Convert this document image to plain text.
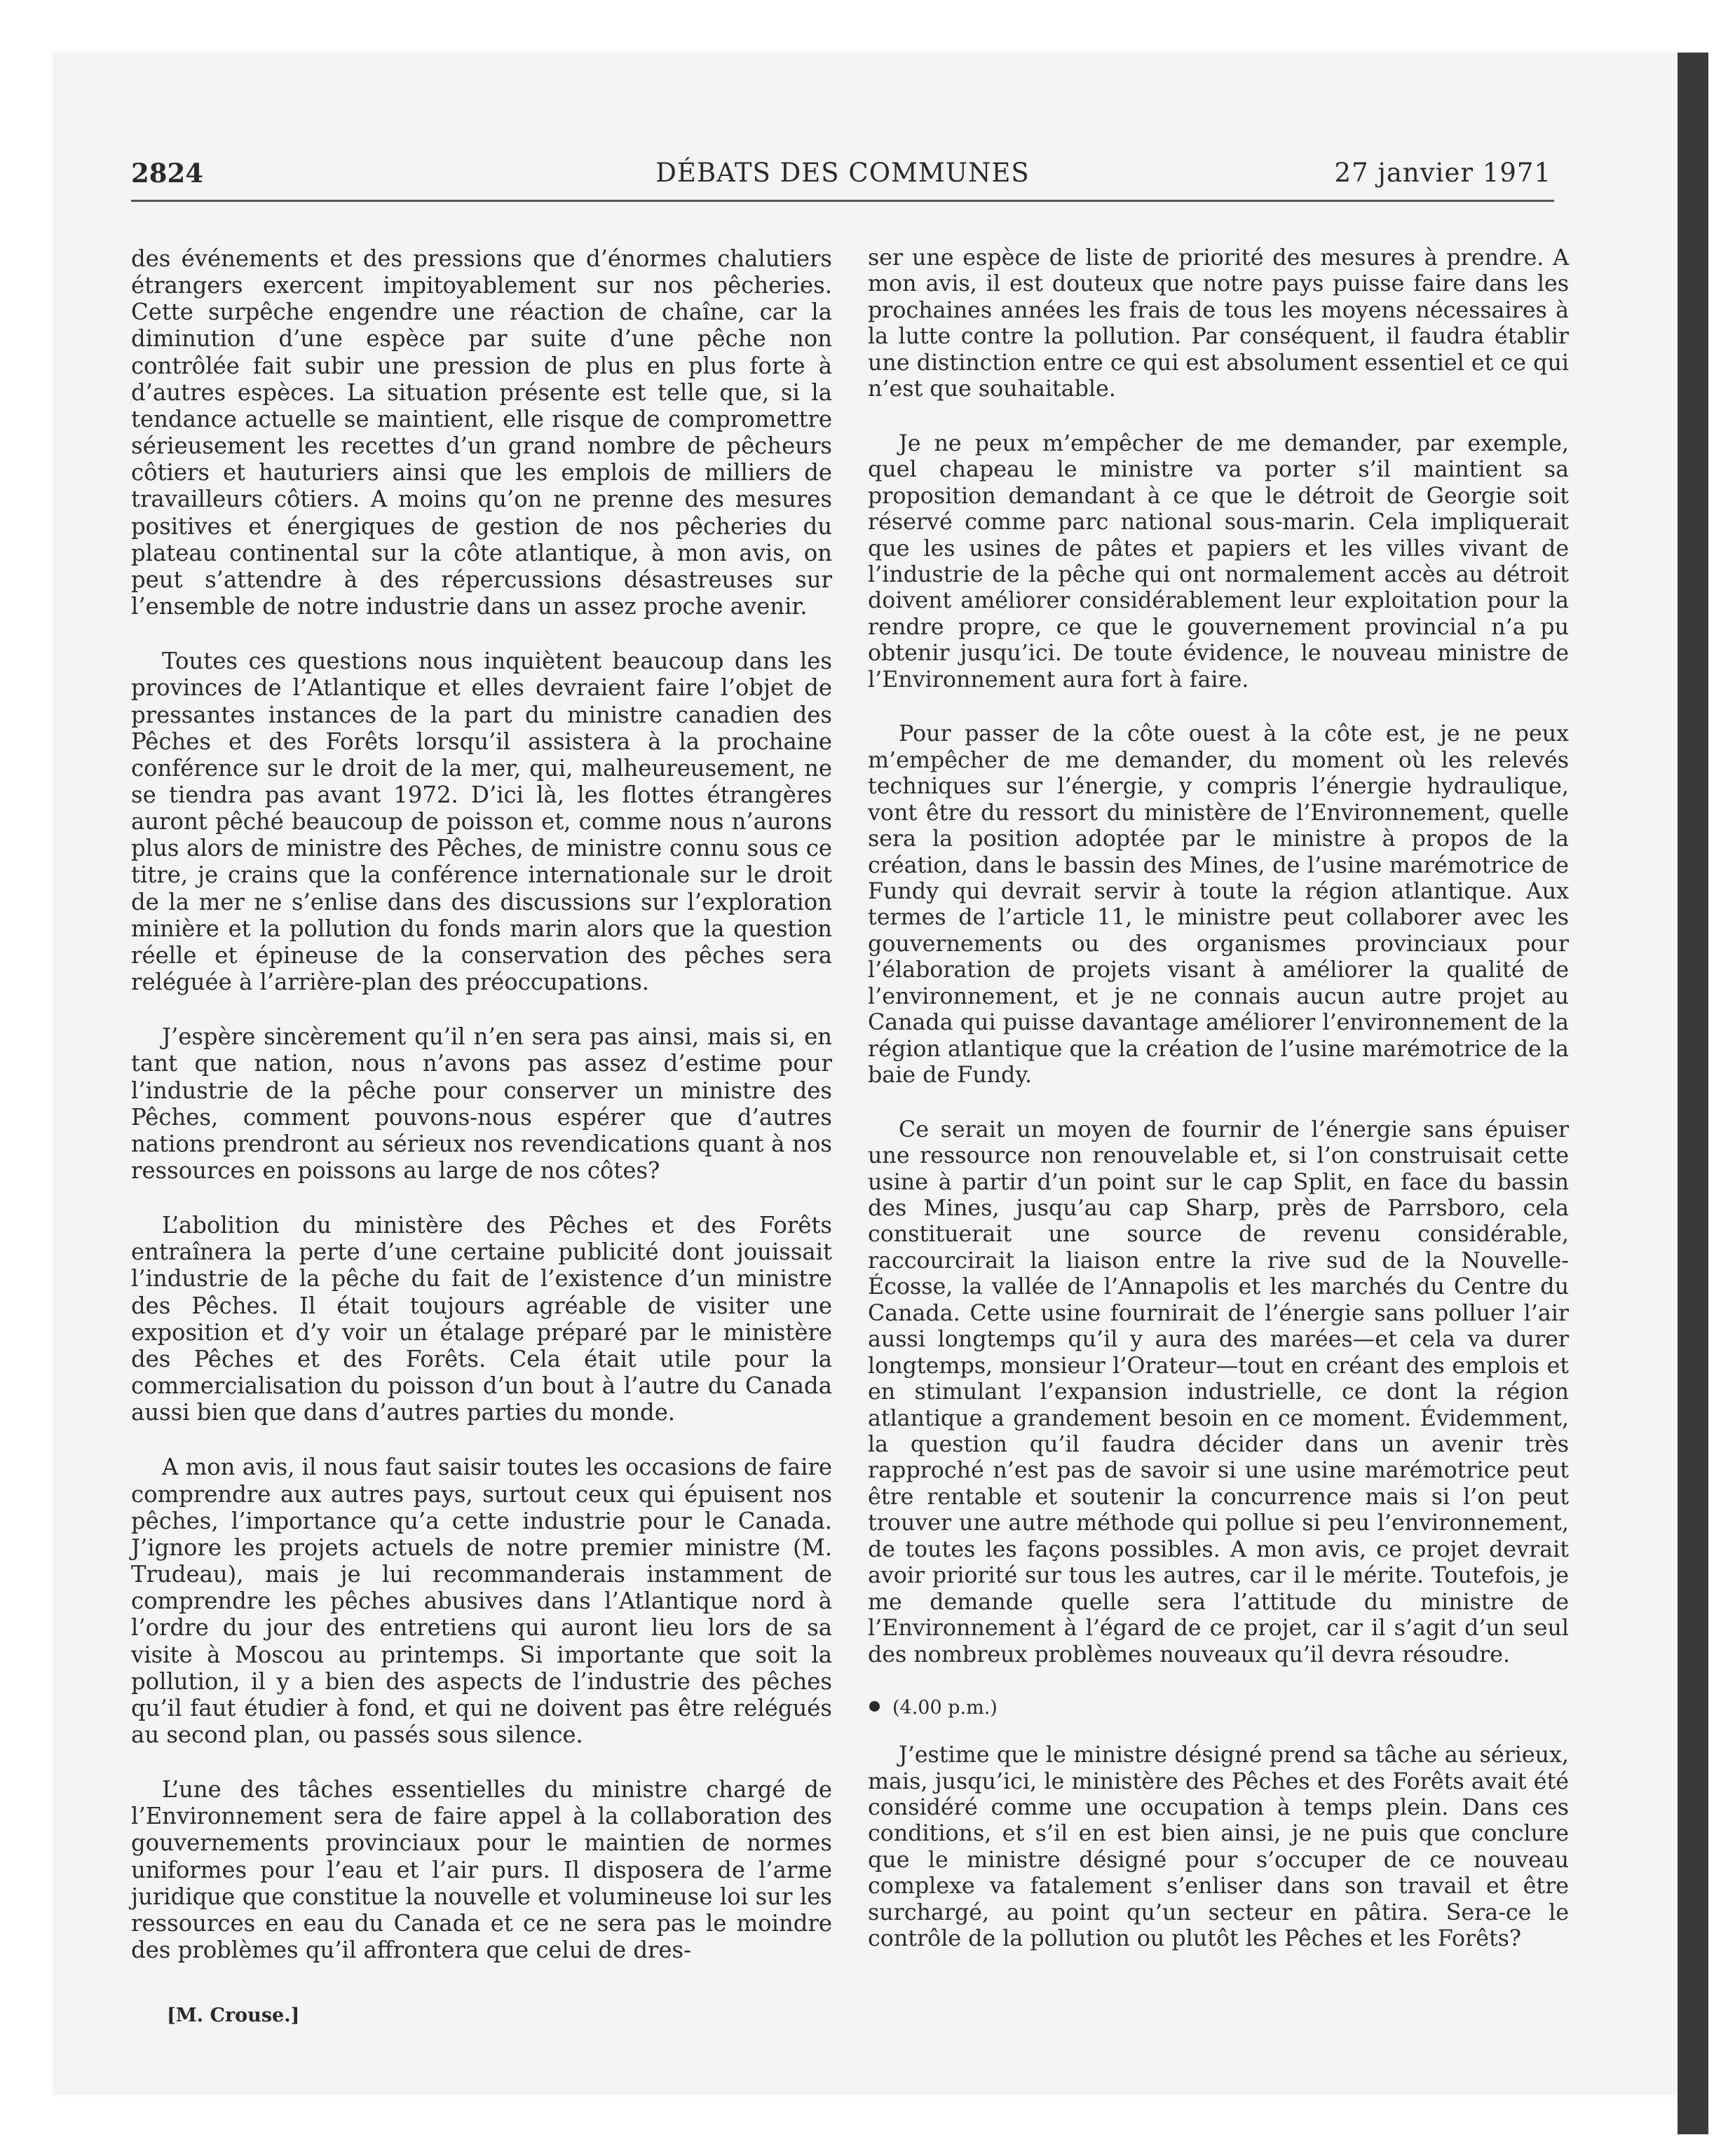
2824	DÉBATS DES COMMUNES	27 janvier 1971

des événements et des pressions que d’énormes chalutiers étrangers exercent impitoyablement sur nos pêcheries. Cette surpêche engendre une réaction de chaîne, car la diminution d’une espèce par suite d’une pêche non contrôlée fait subir une pression de plus en plus forte à d’autres espèces. La situation présente est telle que, si la tendance actuelle se maintient, elle risque de compromettre sérieusement les recettes d’un grand nombre de pêcheurs côtiers et hauturiers ainsi que les emplois de milliers de travailleurs côtiers. A moins qu’on ne prenne des mesures positives et énergiques de gestion de nos pêcheries du plateau continental sur la côte atlantique, à mon avis, on peut s’attendre à des répercussions désastreuses sur l’ensemble de notre industrie dans un assez proche avenir.

Toutes ces questions nous inquiètent beaucoup dans les provinces de l’Atlantique et elles devraient faire l’objet de pressantes instances de la part du ministre canadien des Pêches et des Forêts lorsqu’il assistera à la prochaine conférence sur le droit de la mer, qui, malheureusement, ne se tiendra pas avant 1972. D’ici là, les flottes étrangères auront pêché beaucoup de poisson et, comme nous n’aurons plus alors de ministre des Pêches, de ministre connu sous ce titre, je crains que la conférence internationale sur le droit de la mer ne s’enlise dans des discussions sur l’exploration minière et la pollution du fonds marin alors que la question réelle et épineuse de la conservation des pêches sera reléguée à l’arrière-plan des préoccupations.

J’espère sincèrement qu’il n’en sera pas ainsi, mais si, en tant que nation, nous n’avons pas assez d’estime pour l’industrie de la pêche pour conserver un ministre des Pêches, comment pouvons-nous espérer que d’autres nations prendront au sérieux nos revendications quant à nos ressources en poissons au large de nos côtes?

L’abolition du ministère des Pêches et des Forêts entraînera la perte d’une certaine publicité dont jouissait l’industrie de la pêche du fait de l’existence d’un ministre des Pêches. Il était toujours agréable de visiter une exposition et d’y voir un étalage préparé par le ministère des Pêches et des Forêts. Cela était utile pour la commercialisation du poisson d’un bout à l’autre du Canada aussi bien que dans d’autres parties du monde.

A mon avis, il nous faut saisir toutes les occasions de faire comprendre aux autres pays, surtout ceux qui épuisent nos pêches, l’importance qu’a cette industrie pour le Canada. J’ignore les projets actuels de notre premier ministre (M. Trudeau), mais je lui recommanderais instamment de comprendre les pêches abusives dans l’Atlantique nord à l’ordre du jour des entretiens qui auront lieu lors de sa visite à Moscou au printemps. Si importante que soit la pollution, il y a bien des aspects de l’industrie des pêches qu’il faut étudier à fond, et qui ne doivent pas être relégués au second plan, ou passés sous silence.

L’une des tâches essentielles du ministre chargé de l’Environnement sera de faire appel à la collaboration des gouvernements provinciaux pour le maintien de normes uniformes pour l’eau et l’air purs. Il disposera de l’arme juridique que constitue la nouvelle et volumineuse loi sur les ressources en eau du Canada et ce ne sera pas le moindre des problèmes qu’il affrontera que celui de dres-

ser une espèce de liste de priorité des mesures à prendre. A mon avis, il est douteux que notre pays puisse faire dans les prochaines années les frais de tous les moyens nécessaires à la lutte contre la pollution. Par conséquent, il faudra établir une distinction entre ce qui est absolument essentiel et ce qui n’est que souhaitable.

Je ne peux m’empêcher de me demander, par exemple, quel chapeau le ministre va porter s’il maintient sa proposition demandant à ce que le détroit de Georgie soit réservé comme parc national sous-marin. Cela impliquerait que les usines de pâtes et papiers et les villes vivant de l’industrie de la pêche qui ont normalement accès au détroit doivent améliorer considérablement leur exploitation pour la rendre propre, ce que le gouvernement provincial n’a pu obtenir jusqu’ici. De toute évidence, le nouveau ministre de l’Environnement aura fort à faire.

Pour passer de la côte ouest à la côte est, je ne peux m’empêcher de me demander, du moment où les relevés techniques sur l’énergie, y compris l’énergie hydraulique, vont être du ressort du ministère de l’Environnement, quelle sera la position adoptée par le ministre à propos de la création, dans le bassin des Mines, de l’usine marémotrice de Fundy qui devrait servir à toute la région atlantique. Aux termes de l’article 11, le ministre peut collaborer avec les gouvernements ou des organismes provinciaux pour l’élaboration de projets visant à améliorer la qualité de l’environnement, et je ne connais aucun autre projet au Canada qui puisse davantage améliorer l’environnement de la région atlantique que la création de l’usine marémotrice de la baie de Fundy.

Ce serait un moyen de fournir de l’énergie sans épuiser une ressource non renouvelable et, si l’on construisait cette usine à partir d’un point sur le cap Split, en face du bassin des Mines, jusqu’au cap Sharp, près de Parrsboro, cela constituerait une source de revenu considérable, raccourcirait la liaison entre la rive sud de la Nouvelle-Écosse, la vallée de l’Annapolis et les marchés du Centre du Canada. Cette usine fournirait de l’énergie sans polluer l’air aussi longtemps qu’il y aura des marées—et cela va durer longtemps, monsieur l’Orateur—tout en créant des emplois et en stimulant l’expansion industrielle, ce dont la région atlantique a grandement besoin en ce moment. Évidemment, la question qu’il faudra décider dans un avenir très rapproché n’est pas de savoir si une usine marémotrice peut être rentable et soutenir la concurrence mais si l’on peut trouver une autre méthode qui pollue si peu l’environnement, de toutes les façons possibles. A mon avis, ce projet devrait avoir priorité sur tous les autres, car il le mérite. Toutefois, je me demande quelle sera l’attitude du ministre de l’Environnement à l’égard de ce projet, car il s’agit d’un seul des nombreux problèmes nouveaux qu’il devra résoudre.

(4.00 p.m.)

J’estime que le ministre désigné prend sa tâche au sérieux, mais, jusqu’ici, le ministère des Pêches et des Forêts avait été considéré comme une occupation à temps plein. Dans ces conditions, et s’il en est bien ainsi, je ne puis que conclure que le ministre désigné pour s’occuper de ce nouveau complexe va fatalement s’enliser dans son travail et être surchargé, au point qu’un secteur en pâtira. Sera-ce le contrôle de la pollution ou plutôt les Pêches et les Forêts?

[M. Crouse.]
